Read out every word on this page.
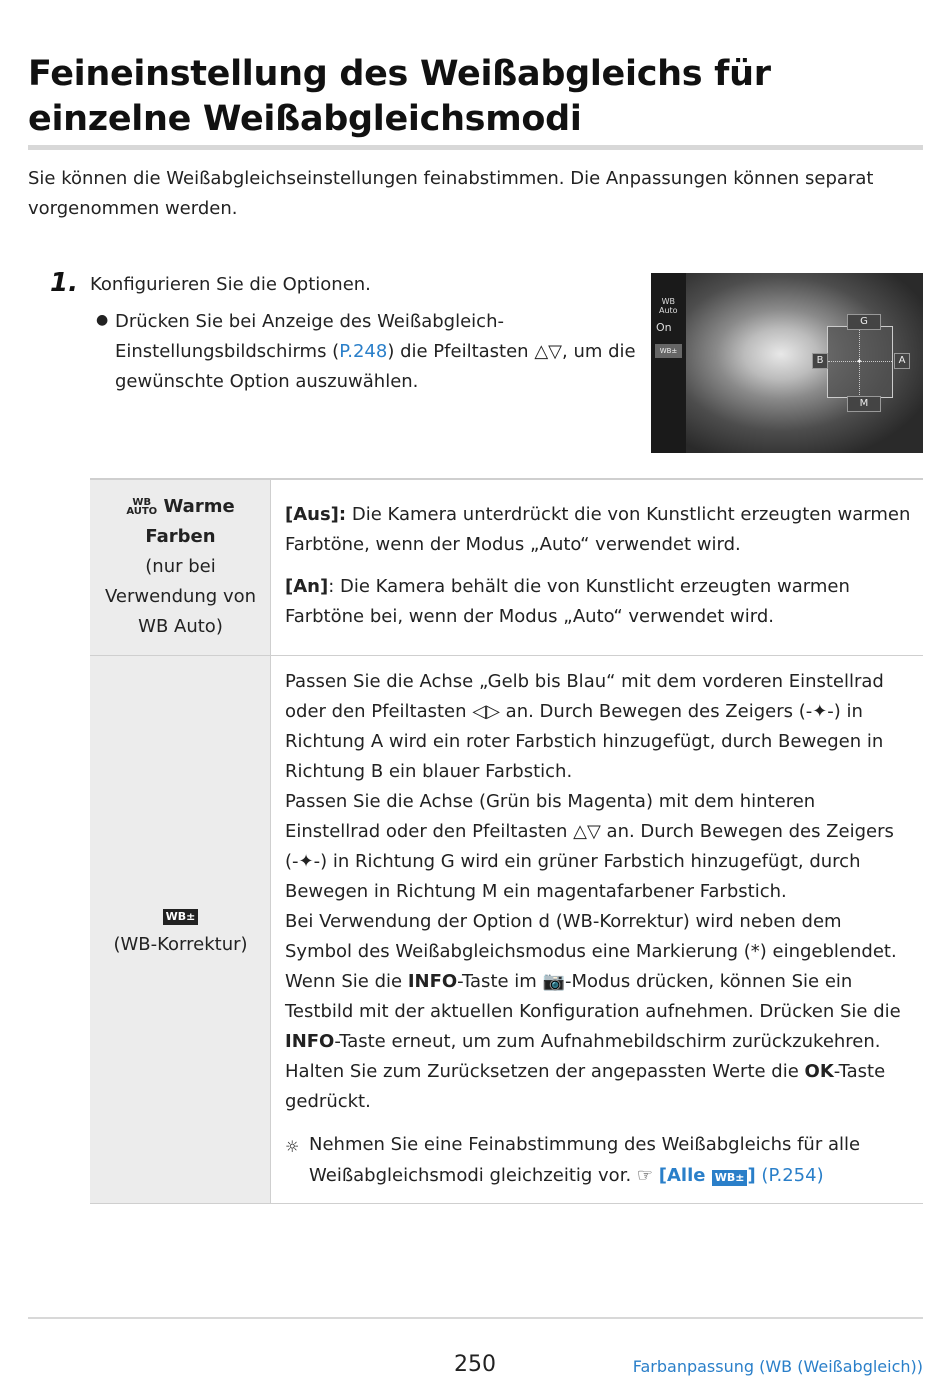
Feineinstellung des Weißabgleichs für einzelne Weißabgleichsmodi
Sie können die Weißabgleichseinstellungen feinabstimmen. Die Anpassungen können separat vorgenommen werden.
1. Konfigurieren Sie die Optionen.
● Drücken Sie bei Anzeige des Weißabgleich-Einstellungsbildschirms (P.248) die Pfeiltasten △▽, um die gewünschte Option auszuwählen.
WB
Auto
On
WB±
✦
G
M
B	A
WB
AUTO Warme Farben
(nur bei Verwendung von WB Auto)

[Aus]: Die Kamera unterdrückt die von Kunstlicht erzeugten warmen Farbtöne, wenn der Modus „Auto“ verwendet wird.

[An]: Die Kamera behält die von Kunstlicht erzeugten warmen Farbtöne bei, wenn der Modus „Auto“ verwendet wird.

WB±
(WB-Korrektur)

Passen Sie die Achse „Gelb bis Blau“ mit dem vorderen Einstellrad oder den Pfeiltasten ◁▷ an. Durch Bewegen des Zeigers (-✦-) in Richtung A wird ein roter Farbstich hinzugefügt, durch Bewegen in Richtung B ein blauer Farbstich.

Passen Sie die Achse (Grün bis Magenta) mit dem hinteren Einstellrad oder den Pfeiltasten △▽ an. Durch Bewegen des Zeigers (-✦-) in Richtung G wird ein grüner Farbstich hinzugefügt, durch Bewegen in Richtung M ein magentafarbener Farbstich.

Bei Verwendung der Option d (WB-Korrektur) wird neben dem Symbol des Weißabgleichsmodus eine Markierung (*) eingeblendet.

Wenn Sie die INFO-Taste im 📷-Modus drücken, können Sie ein Testbild mit der aktuellen Konfiguration aufnehmen. Drücken Sie die INFO-Taste erneut, um zum Aufnahmebildschirm zurückzukehren.

Halten Sie zum Zurücksetzen der angepassten Werte die OK-Taste gedrückt.

☼ Nehmen Sie eine Feinabstimmung des Weißabgleichs für alle Weißabgleichsmodi gleichzeitig vor. ☞ [Alle WB± ] (P.254)
250	Farbanpassung (WB (Weißabgleich))
